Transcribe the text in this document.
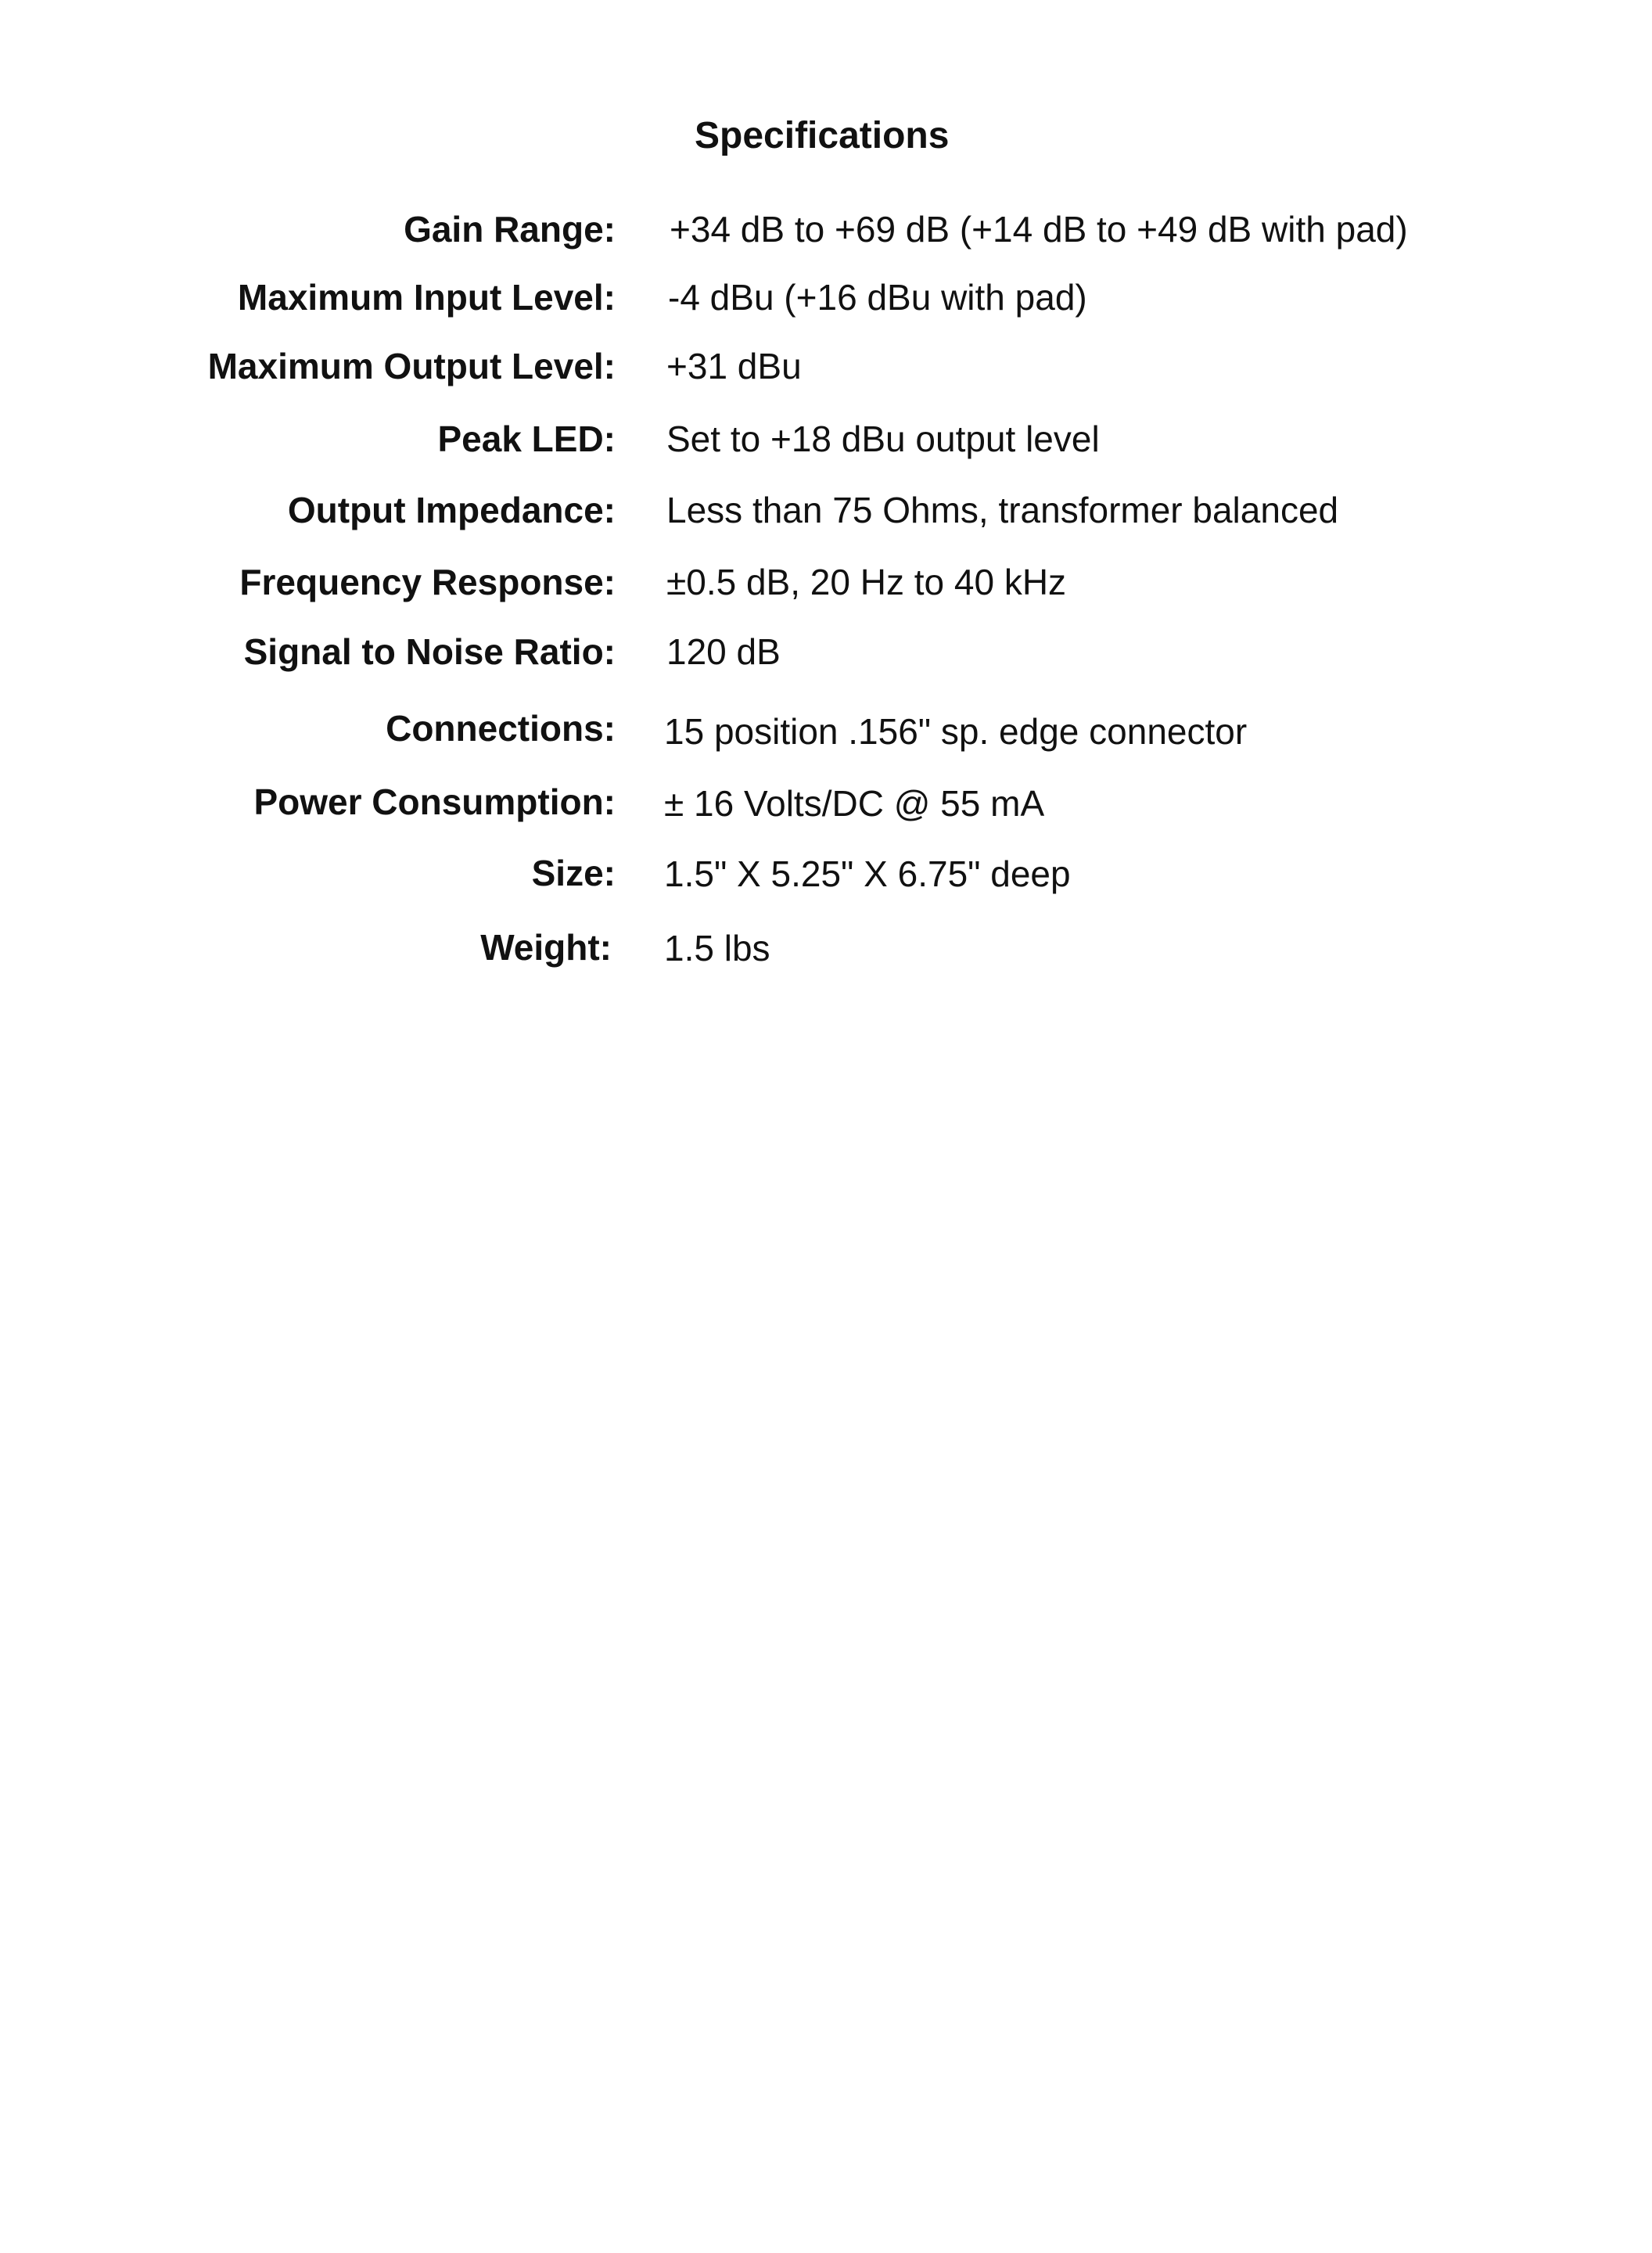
Specifications
Gain Range: +34 dB to +69 dB (+14 dB to +49 dB with pad)
Maximum Input Level: -4 dBu (+16 dBu with pad)
Maximum Output Level: +31 dBu
Peak LED: Set to +18 dBu output level
Output Impedance: Less than 75 Ohms, transformer balanced
Frequency Response: ±0.5 dB, 20 Hz to 40 kHz
Signal to Noise Ratio: 120 dB
Connections: 15 position .156" sp. edge connector
Power Consumption: ± 16 Volts/DC @ 55 mA
Size: 1.5" X 5.25" X 6.75" deep
Weight: 1.5 lbs
